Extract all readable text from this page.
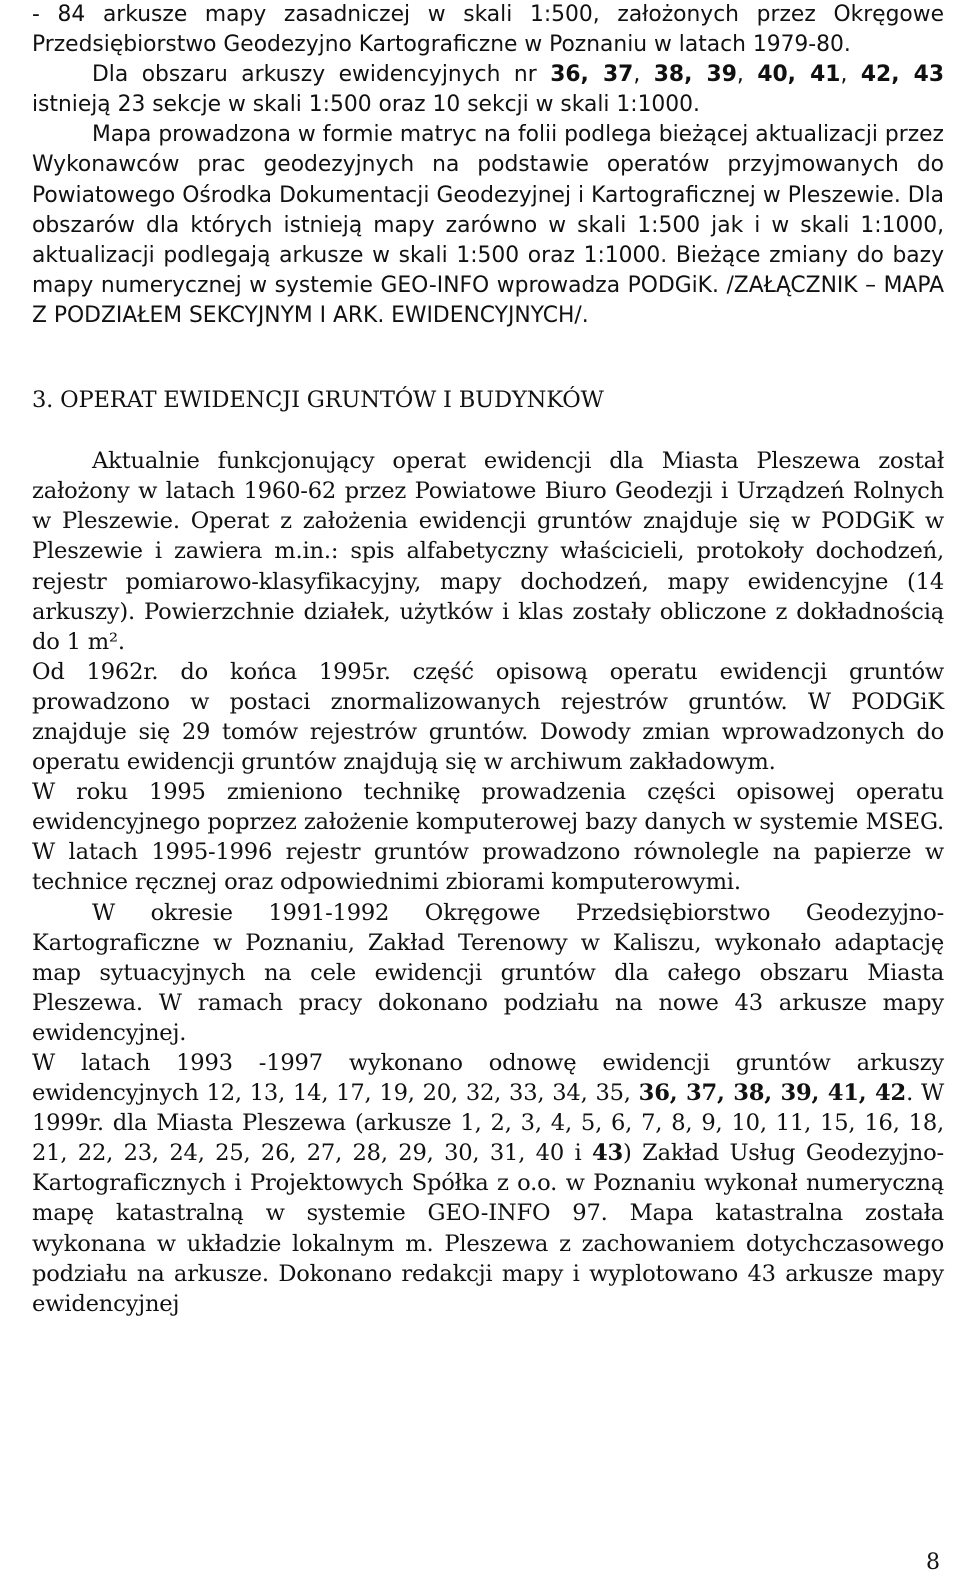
- 84 arkusze mapy zasadniczej w skali 1:500, założonych przez Okręgowe Przedsiębiorstwo Geodezyjno Kartograficzne w Poznaniu w latach 1979-80.

Dla obszaru arkuszy ewidencyjnych nr 36, 37, 38, 39, 40, 41, 42, 43 istnieją 23 sekcje w skali 1:500 oraz 10 sekcji w skali 1:1000.

Mapa prowadzona w formie matryc na folii podlega bieżącej aktualizacji przez Wykonawców prac geodezyjnych na podstawie operatów przyjmowanych do Powiatowego Ośrodka Dokumentacji Geodezyjnej i Kartograficznej w Pleszewie. Dla obszarów dla których istnieją mapy zarówno w skali 1:500 jak i w skali 1:1000, aktualizacji podlegają arkusze w skali 1:500 oraz 1:1000. Bieżące zmiany do bazy mapy numerycznej w systemie GEO-INFO wprowadza PODGiK. /ZAŁĄCZNIK – MAPA Z PODZIAŁEM SEKCYJNYM I ARK. EWIDENCYJNYCH/.

3. OPERAT EWIDENCJI GRUNTÓW I BUDYNKÓW

Aktualnie funkcjonujący operat ewidencji dla Miasta Pleszewa został założony w latach 1960-62 przez Powiatowe Biuro Geodezji i Urządzeń Rolnych w Pleszewie. Operat z założenia ewidencji gruntów znajduje się w PODGiK w Pleszewie i zawiera m.in.: spis alfabetyczny właścicieli, protokoły dochodzeń, rejestr pomiarowo-klasyfikacyjny, mapy dochodzeń, mapy ewidencyjne (14 arkuszy). Powierzchnie działek, użytków i klas zostały obliczone z dokładnością do 1 m².

Od 1962r. do końca 1995r. część opisową operatu ewidencji gruntów prowadzono w postaci znormalizowanych rejestrów gruntów. W PODGiK znajduje się 29 tomów rejestrów gruntów. Dowody zmian wprowadzonych do operatu ewidencji gruntów znajdują się w archiwum zakładowym.

W roku 1995 zmieniono technikę prowadzenia części opisowej operatu ewidencyjnego poprzez założenie komputerowej bazy danych w systemie MSEG. W latach 1995-1996 rejestr gruntów prowadzono równolegle na papierze w technice ręcznej oraz odpowiednimi zbiorami komputerowymi.

W okresie 1991-1992 Okręgowe Przedsiębiorstwo Geodezyjno-Kartograficzne w Poznaniu, Zakład Terenowy w Kaliszu, wykonało adaptację map sytuacyjnych na cele ewidencji gruntów dla całego obszaru Miasta Pleszewa. W ramach pracy dokonano podziału na nowe 43 arkusze mapy ewidencyjnej.

W latach 1993 -1997 wykonano odnowę ewidencji gruntów arkuszy ewidencyjnych 12, 13, 14, 17, 19, 20, 32, 33, 34, 35, 36, 37, 38, 39, 41, 42. W 1999r. dla Miasta Pleszewa (arkusze 1, 2, 3, 4, 5, 6, 7, 8, 9, 10, 11, 15, 16, 18, 21, 22, 23, 24, 25, 26, 27, 28, 29, 30, 31, 40 i 43) Zakład Usług Geodezyjno-Kartograficznych i Projektowych Spółka z o.o. w Poznaniu wykonał numeryczną mapę katastralną w systemie GEO-INFO 97. Mapa katastralna została wykonana w układzie lokalnym m. Pleszewa z zachowaniem dotychczasowego podziału na arkusze. Dokonano redakcji mapy i wyplotowano 43 arkusze mapy ewidencyjnej

8
